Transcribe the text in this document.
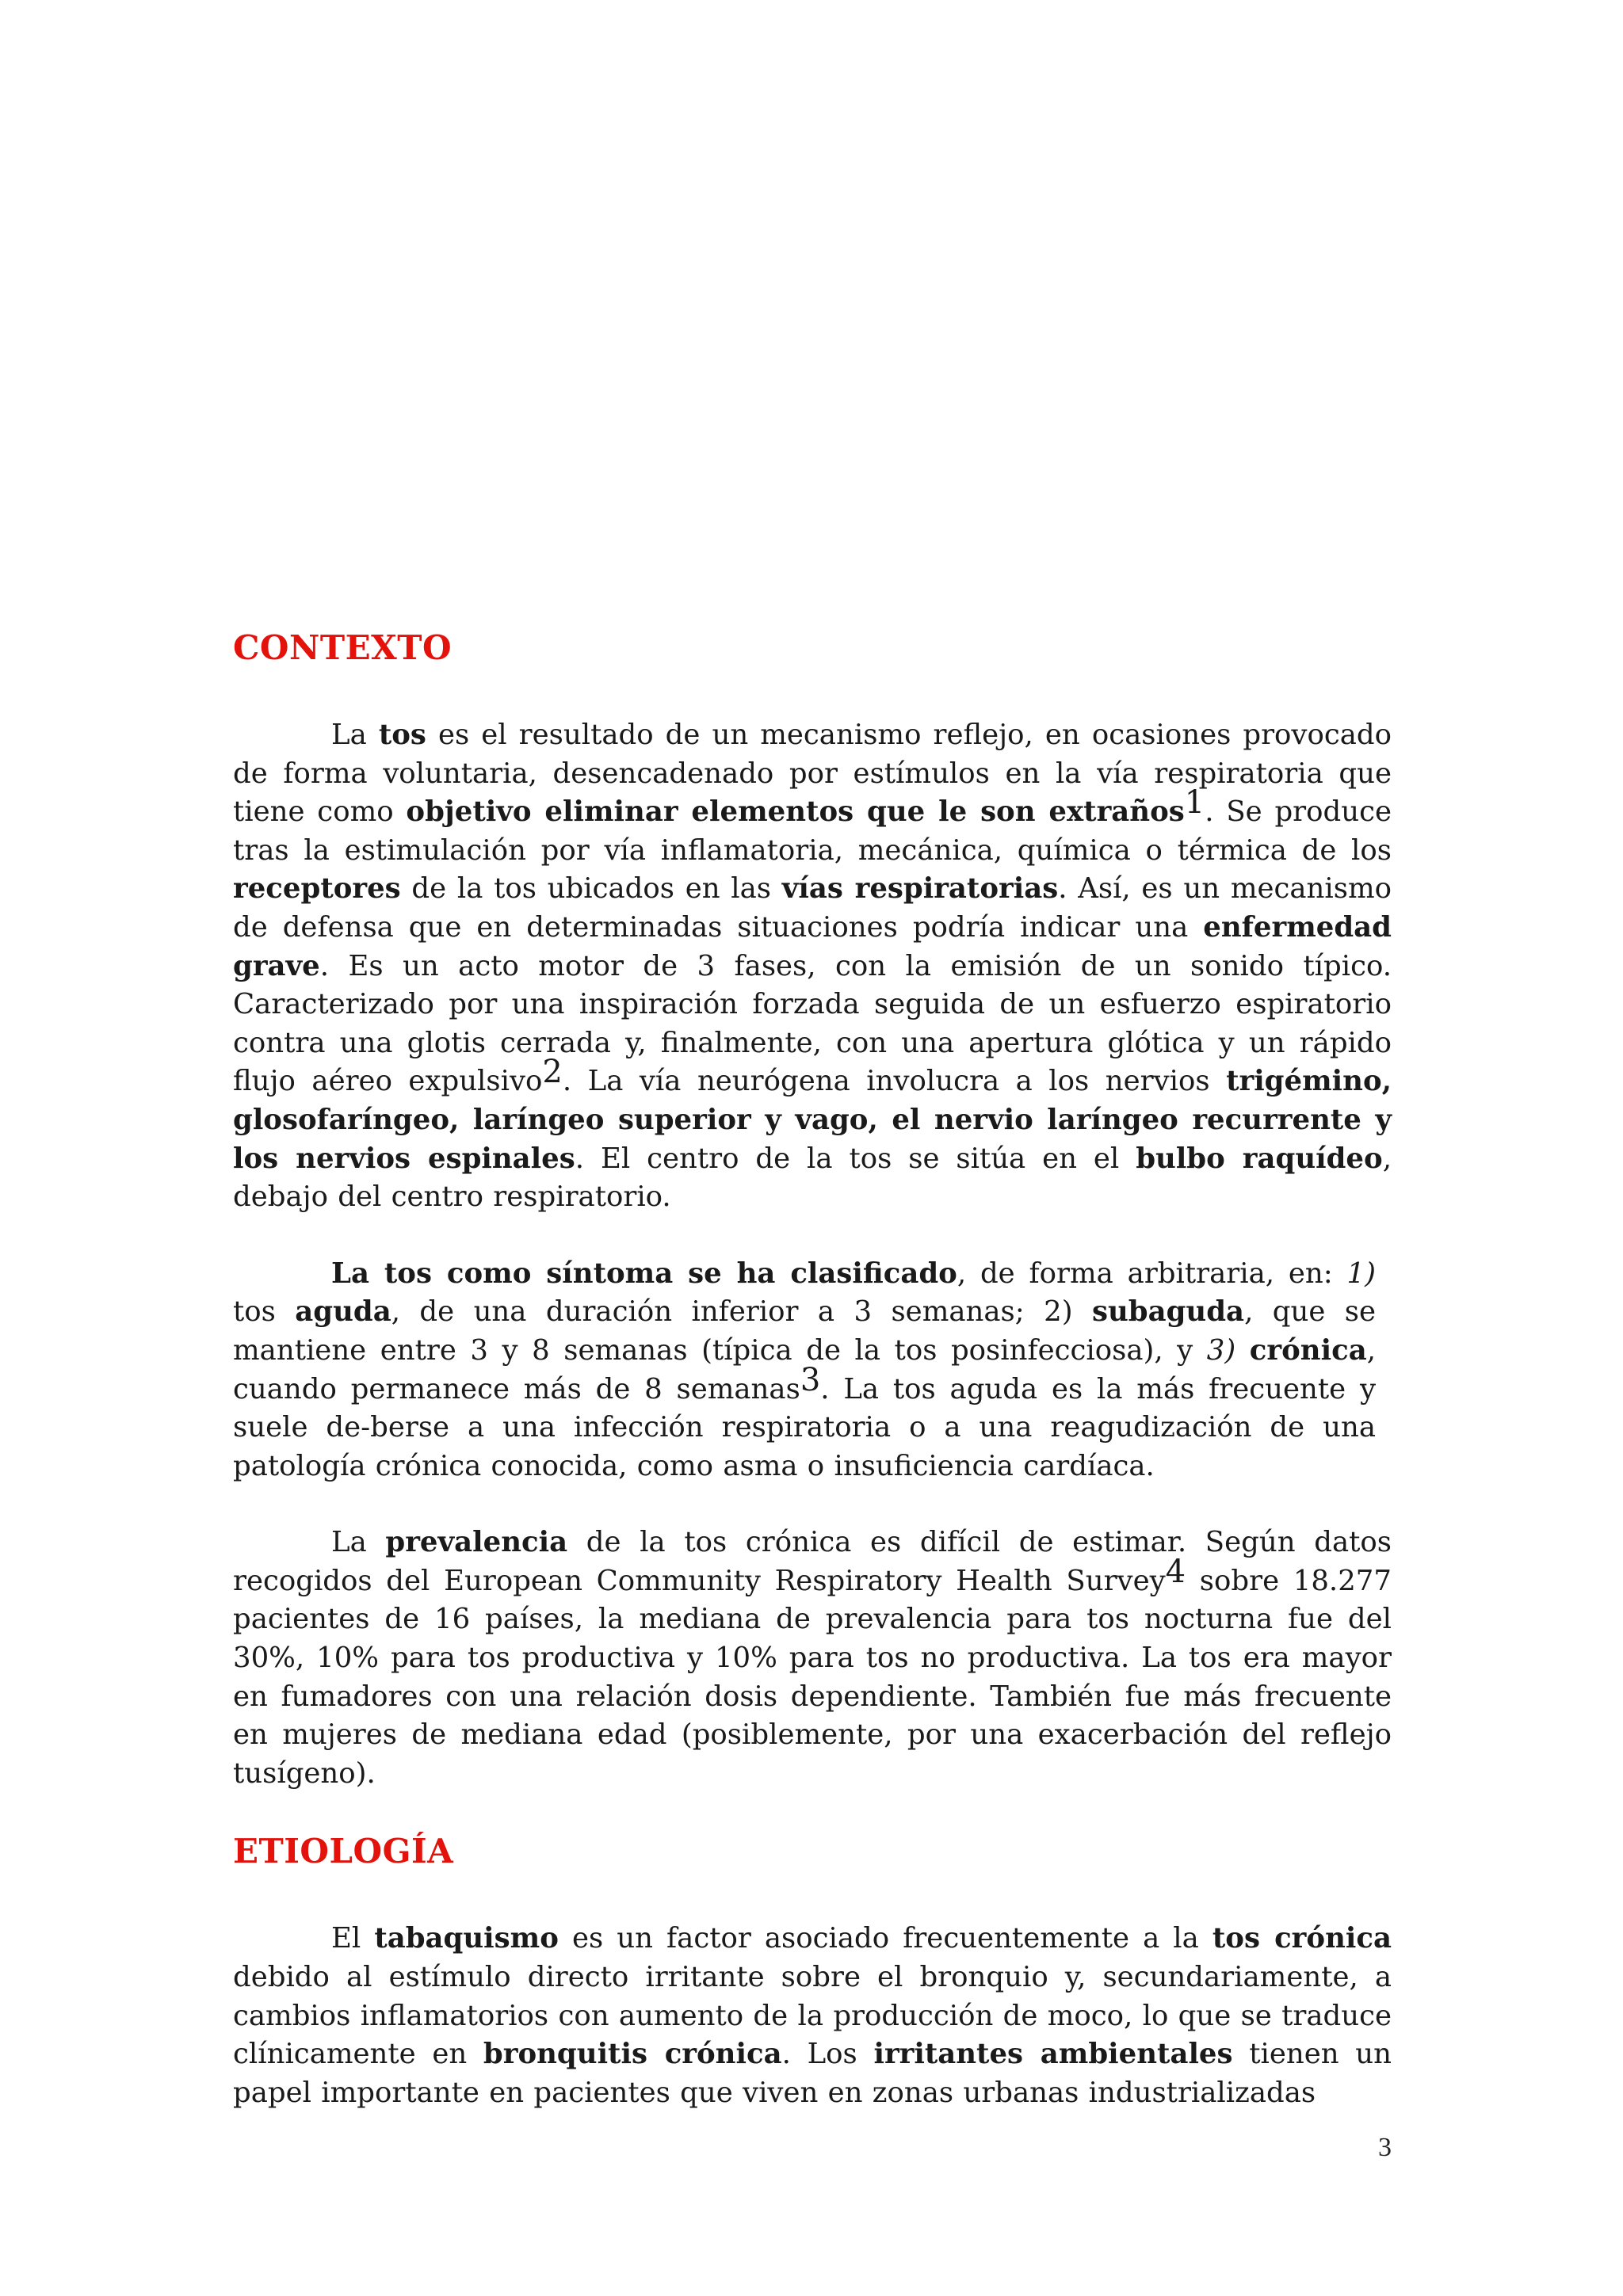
CONTEXTO

La tos es el resultado de un mecanismo reflejo, en ocasiones provocado de forma voluntaria, desencadenado por estímulos en la vía respiratoria que tiene como objetivo eliminar elementos que le son extraños$^1$. Se produce tras la estimulación por vía inflamatoria, mecánica, química o térmica de los receptores de la tos ubicados en las vías respiratorias. Así, es un mecanismo de defensa que en determinadas situaciones podría indicar una enfermedad grave. Es un acto motor de 3 fases, con la emisión de un sonido típico. Caracterizado por una inspiración forzada seguida de un esfuerzo espiratorio contra una glotis cerrada y, finalmente, con una apertura glótica y un rápido flujo aéreo expulsivo$^2$. La vía neurógena involucra a los nervios trigémino, glosofaríngeo, laríngeo superior y vago, el nervio laríngeo recurrente y los nervios espinales. El centro de la tos se sitúa en el bulbo raquídeo, debajo del centro respiratorio.

La tos como síntoma se ha clasificado, de forma arbitraria, en: 1) tos aguda, de una duración inferior a 3 semanas; 2) subaguda, que se mantiene entre 3 y 8 semanas (típica de la tos posinfecciosa), y 3) crónica, cuando permanece más de 8 semanas$^3$. La tos aguda es la más frecuente y suele de-berse a una infección respiratoria o a una reagudización de una patología crónica conocida, como asma o insuficiencia cardíaca.

La prevalencia de la tos crónica es difícil de estimar. Según datos recogidos del European Community Respiratory Health Survey$^4$ sobre 18.277 pacientes de 16 países, la mediana de prevalencia para tos nocturna fue del 30%, 10% para tos productiva y 10% para tos no productiva. La tos era mayor en fumadores con una relación dosis dependiente. También fue más frecuente en mujeres de mediana edad (posiblemente, por una exacerbación del reflejo tusígeno).

ETIOLOGÍA

El tabaquismo es un factor asociado frecuentemente a la tos crónica debido al estímulo directo irritante sobre el bronquio y, secundariamente, a cambios inflamatorios con aumento de la producción de moco, lo que se traduce clínicamente en bronquitis crónica. Los irritantes ambientales tienen un papel importante en pacientes que viven en zonas urbanas industrializadas

3
